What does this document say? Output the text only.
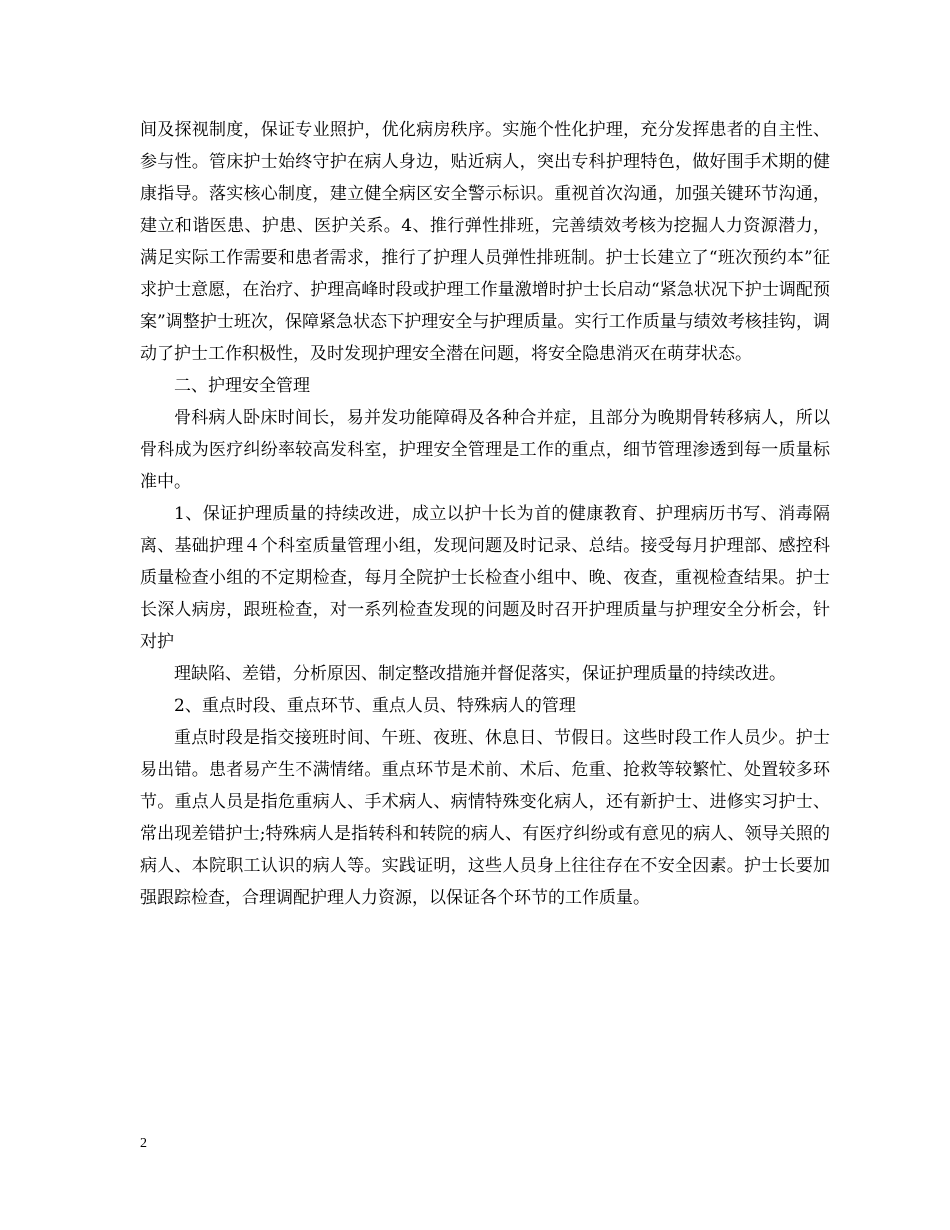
间及探视制度，保证专业照护，优化病房秩序。实施个性化护理，充分发挥患者的自主性、参与性。管床护士始终守护在病人身边，贴近病人，突出专科护理特色，做好围手术期的健康指导。落实核心制度，建立健全病区安全警示标识。重视首次沟通，加强关键环节沟通，建立和谐医患、护患、医护关系。4、推行弹性排班，完善绩效考核为挖掘人力资源潜力，满足实际工作需要和患者需求，推行了护理人员弹性排班制。护士长建立了“班次预约本”征求护士意愿，在治疗、护理高峰时段或护理工作量激增时护士长启动“紧急状况下护士调配预案”调整护士班次，保障紧急状态下护理安全与护理质量。实行工作质量与绩效考核挂钩，调动了护士工作积极性，及时发现护理安全潜在问题，将安全隐患消灭在萌芽状态。

二、护理安全管理

骨科病人卧床时间长，易并发功能障碍及各种合并症，且部分为晚期骨转移病人，所以骨科成为医疗纠纷率较高发科室，护理安全管理是工作的重点，细节管理渗透到每一质量标准中。

1、保证护理质量的持续改进，成立以护十长为首的健康教育、护理病历书写、消毒隔离、基础护理４个科室质量管理小组，发现问题及时记录、总结。接受每月护理部、感控科质量检查小组的不定期检查，每月全院护士长检查小组中、晚、夜查，重视检查结果。护士长深人病房，跟班检查，对一系列检查发现的问题及时召开护理质量与护理安全分析会，针对护

理缺陷、差错，分析原因、制定整改措施并督促落实，保证护理质量的持续改进。

2、重点时段、重点环节、重点人员、特殊病人的管理

重点时段是指交接班时间、午班、夜班、休息日、节假日。这些时段工作人员少。护士易出错。患者易产生不满情绪。重点环节是术前、术后、危重、抢救等较繁忙、处置较多环节。重点人员是指危重病人、手术病人、病情特殊变化病人，还有新护士、进修实习护士、常出现差错护士;特殊病人是指转科和转院的病人、有医疗纠纷或有意见的病人、领导关照的病人、本院职工认识的病人等。实践证明，这些人员身上往往存在不安全因素。护士长要加强跟踪检查，合理调配护理人力资源，以保证各个环节的工作质量。

2
